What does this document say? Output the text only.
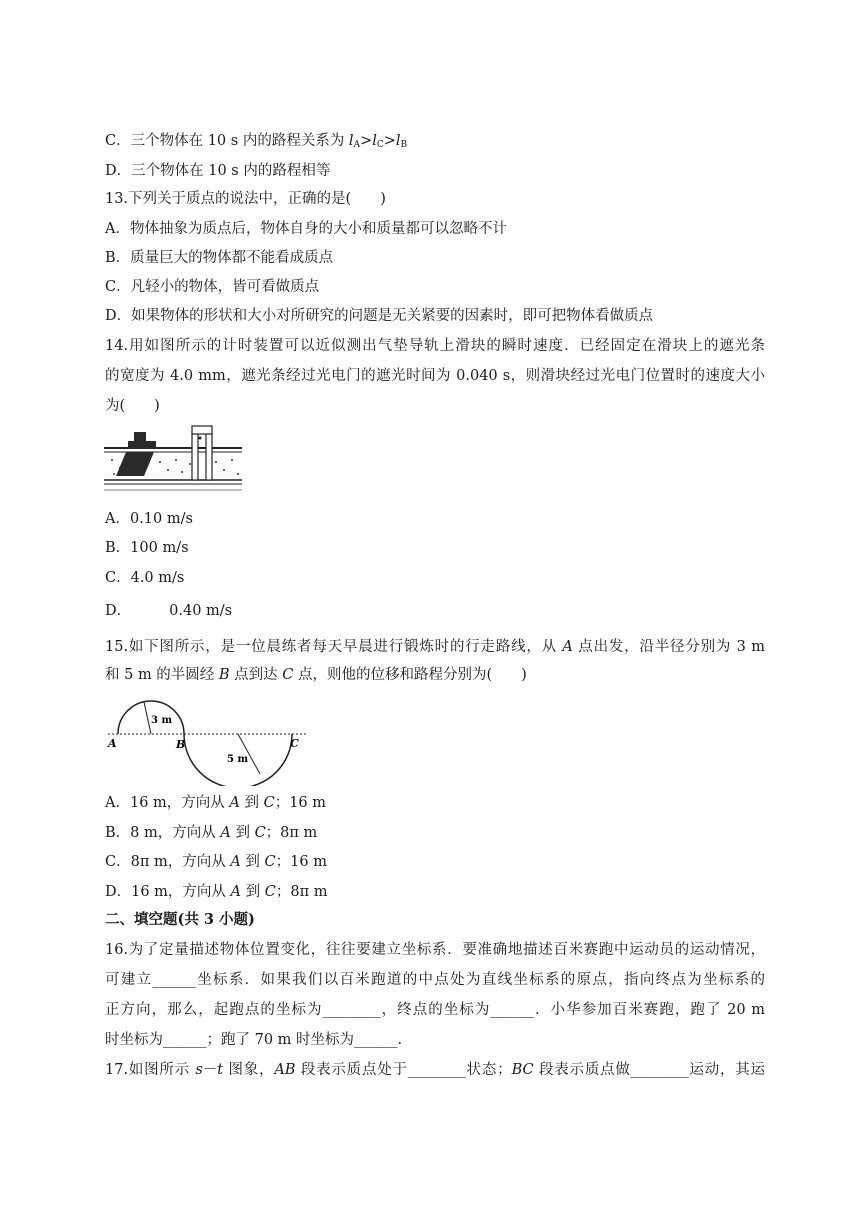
C．三个物体在 10 s 内的路程关系为 $l_A>l_C>l_B$
D．三个物体在 10 s 内的路程相等
13.下列关于质点的说法中，正确的是(　　)
A．物体抽象为质点后，物体自身的大小和质量都可以忽略不计
B．质量巨大的物体都不能看成质点
C．凡轻小的物体，皆可看做质点
D．如果物体的形状和大小对所研究的问题是无关紧要的因素时，即可把物体看做质点
14.用如图所示的计时装置可以近似测出气垫导轨上滑块的瞬时速度．已经固定在滑块上的遮光条
的宽度为 4.0 mm，遮光条经过光电门的遮光时间为 0.040 s，则滑块经过光电门位置时的速度大小
为(　　)
A．0.10 m/s
B．100 m/s
C．4.0 m/s
D．	0.40 m/s
15.如下图所示，是一位晨练者每天早晨进行锻炼时的行走路线，从 A 点出发，沿半径分别为 3 m
和 5 m 的半圆经 B 点到达 C 点，则他的位移和路程分别为(　　)
A	B	C
3 m
5 m
A．16 m，方向从 A 到 C；16 m
B．8 m，方向从 A 到 C；8π m
C．8π m，方向从 A 到 C；16 m
D．16 m，方向从 A 到 C；8π m
二、填空题(共 3 小题)
16.为了定量描述物体位置变化，往往要建立坐标系．要准确地描述百米赛跑中运动员的运动情况，
可建立______坐标系．如果我们以百米跑道的中点处为直线坐标系的原点，指向终点为坐标系的
正方向，那么，起跑点的坐标为________，终点的坐标为______．小华参加百米赛跑，跑了 20 m
时坐标为______；跑了 70 m 时坐标为______.
17.如图所示 s－t 图象，AB 段表示质点处于________状态；BC 段表示质点做________运动，其运
